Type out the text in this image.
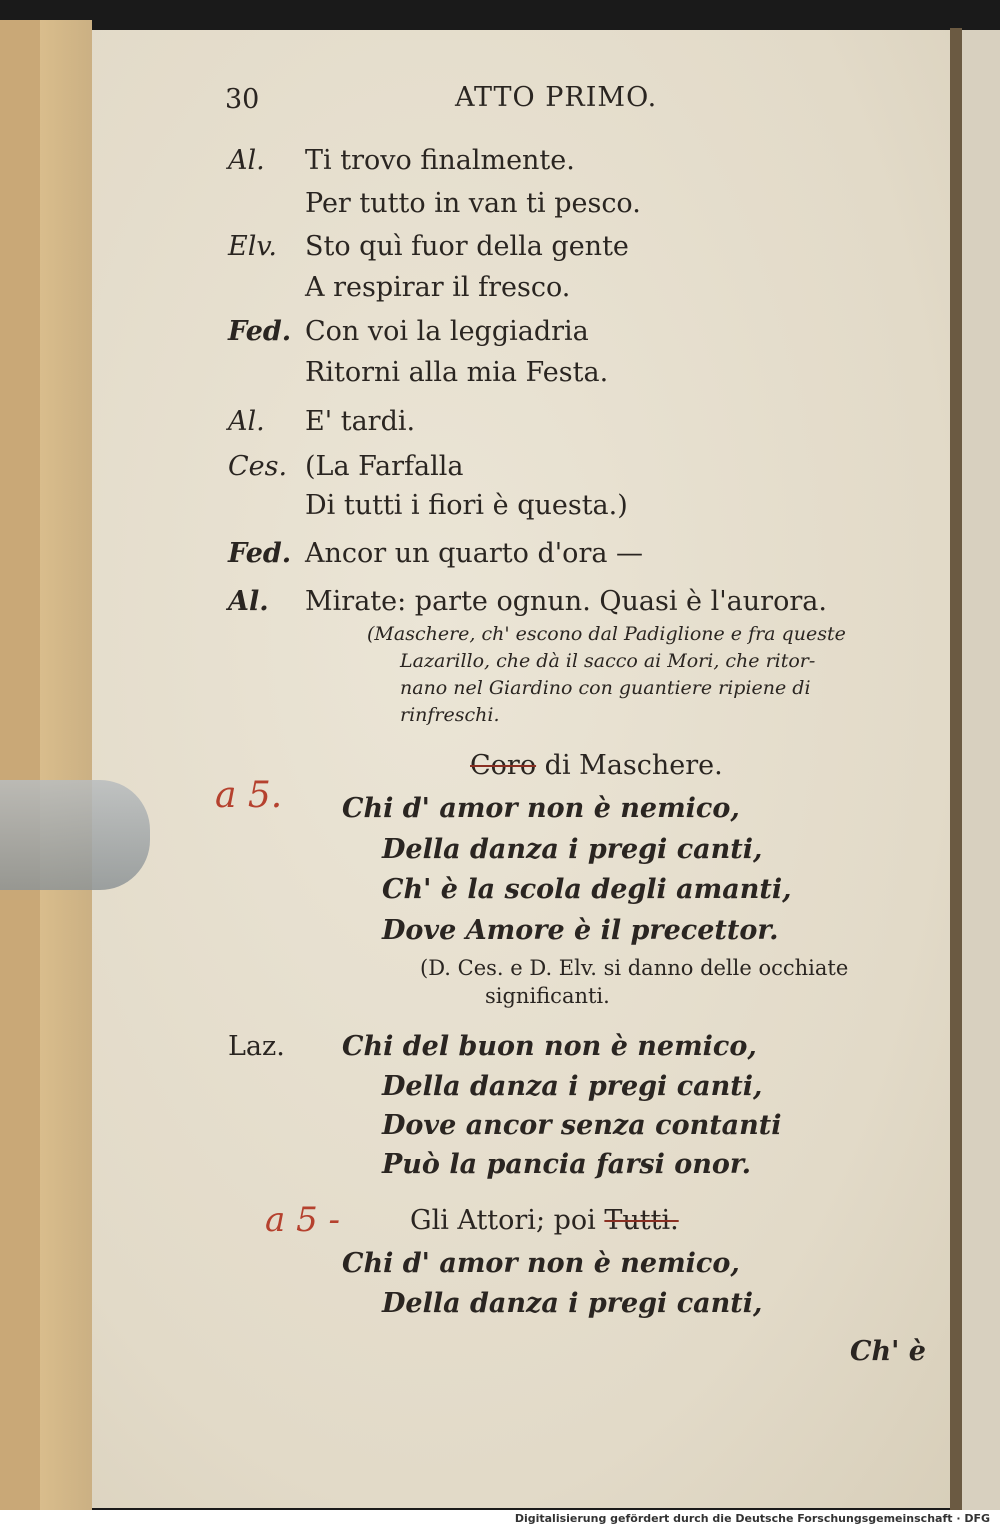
30	ATTO PRIMO.
Al. Ti trovo finalmente.
Per tutto in van ti pesco.
Elv. Sto quì fuor della gente
A respirar il fresco.
Fed. Con voi la leggiadria
Ritorni alla mia Festa.
Al. E' tardi.
Ces. (La Farfalla
Di tutti i fiori è questa.)
Fed. Ancor un quarto d'ora —
Al. Mirate: parte ognun. Quasi è l'aurora.
(Maschere, ch' escono dal Padiglione e fra queste
Lazarillo, che dà il sacco ai Mori, che ritor-
nano nel Giardino con guantiere ripiene di
rinfreschi.
Coro di Maschere.
a 5. Chi d' amor non è nemico,
Della danza i pregi canti,
Ch' è la scola degli amanti,
Dove Amore è il precettor.
(D. Ces. e D. Elv. si danno delle occhiate
significanti.
Laz. Chi del buon non è nemico,
Della danza i pregi canti,
Dove ancor senza contanti
Può la pancia farsi onor.
a 5 -	Gli Attori; poi Tutti.
Chi d' amor non è nemico,
Della danza i pregi canti,
Ch' è
Digitalisierung gefördert durch die Deutsche Forschungsgemeinschaft · DFG
